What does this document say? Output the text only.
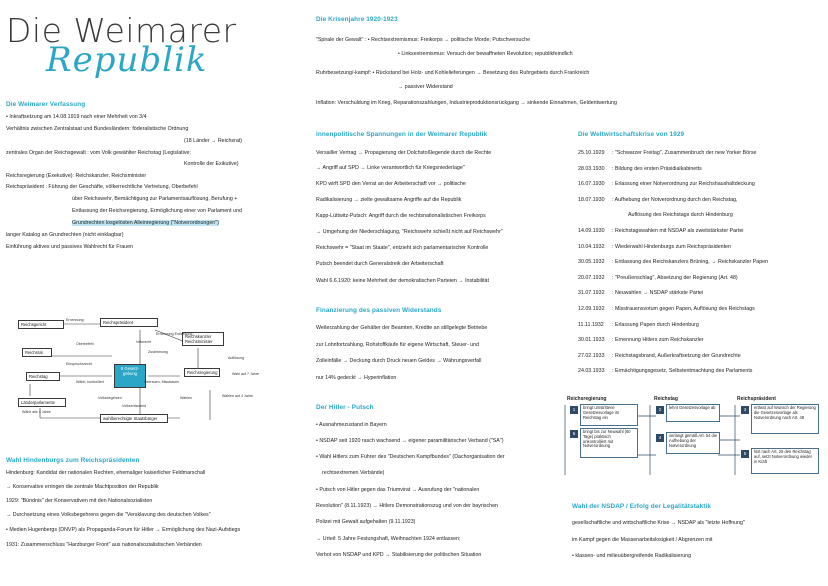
Die Weimarer
Republik
Die Weimarer Verfassung
• Inkraftsetzung am 14.08.1919 nach einer Mehrheit von 3/4
Verhältnis zwischen Zentralstaat und Bundesländern: föderalistische Ordnung
(18 Länder → Reichsrat)
zentrales Organ der Reichsgewalt : vom Volk gewählter Reichstag (Legislative;
Kontrolle der Exikutive)
Reichsregierung (Exekutive): Reichskanzler, Reichsminister
Reichspräsident : Führung der Geschäfte, völkerrechtliche Vertretung, Oberbefehl
über Reichswehr, Bemächtigung zur Parlamentsauflösung, Berufung +
Entlassung der Reichsregierung, Ermöglichung einer von Parlament und
Grundrechten losgelösten Alleinregierung ("Notverordnungen")
langer Katalog an Grundrechten (nicht einklagbar)
Einführung aktives und passives Wahlrecht für Frauen
Reichsgericht	Reichspräsident
Reichsrat
Reichskanzler Reichsminister
Reichsregierung
Reichstag
5 Gesetz-gebung
Länderparlamente
wahlberechtigte Staatsbürger
Ernennung
Oberbefehl
Ernennung Entlassung
Auflösung
Einspruchsrecht
Zustimmung
Vertrauen, Misstrauen
Wählt, kontrolliert
Vetorecht
Volksbegehren
Wahl auf 7 Jahre
Wahlen	Wahlen auf 4 Jahre
Volksentscheid
Wählt alle 4 Jahre
Wahl Hindenburgs zum Reichspräsidenten
Hindenburg: Kandidat der nationalen Rechten, ehemaliger kaiserlicher Feldmarschall
→ Konservative erringen die zentrale Machtposition der Republik
1929: "Bündnis" der Konservativen mit den Nationalsozialisten
→ Durchsetzung eines Volksbegehrens gegen die "Versklavung des deutschen Volkes"
• Medien Hugenbergs (DNVP) als Propaganda-Forum für Hitler → Ermöglichung des Nazi-Aufstiegs
1931: Zusammenschluss "Harzburger Front" aus nationalsozialistischen Verbänden
Die Krisenjahre 1920-1923
"Spirale der Gewalt" : • Rechtsextremismus: Freikorps → politische Morde; Putschversuche
• Linksextremismus: Versuch der bewaffneten Revolution; republikfeindlich
Ruhrbesetzung/-kampf: • Rückstand bei Holz- und Kohlelieferungen → Besetzung des Ruhrgebiets durch Frankreich
→ passiver Widerstand
Inflation: Verschuldung im Krieg, Reparationszahlungen, Industrieproduktionsrückgang → sinkende Einnahmen, Geldentwertung
innenpolitische Spannungen in der Weimarer Republik
Versailler Vertrag → Propagierung der Dolchstoßlegende durch die Rechte
→ Angriff auf SPD → Linke verantwortlich für Kriegsniederlage"
KPD wirft SPD den Verrat an der Arbeiterschaft vor → politische
Radikalisierung → zielte gewaltsame Angriffe auf die Republik
Kapp-Lüttwitz-Putsch: Angriff durch die rechtsnationalistischen Freikorps
→ Umgehung der Niederschlagung, "Reichswehr schießt nicht auf Reichswehr"
Reichswehr = "Staat im Staate", entzieht sich parlamentarischer Kontrolle
Putsch beendet durch Generalstreik der Arbeiterschaft
Wahl 6.6.1920: keine Mehrheit der demokratischen Parteien → Instabilität
Finanzierung des passiven Widerstands
Weiterzahlung der Gehälter der Beamten, Kredite an stillgelegte Betriebe
zur Lohnfortzahlung, Rohstoffkäufe für eigene Wirtschaft, Steuer- und
Zolleinfälle → Deckung durch Druck neuen Geldes → Währungsverfall
nur 14% gedeckt → Hyperinflation
Der Hitler - Putsch
• Ausnahmezustand in Bayern
• NSDAP seit 1920 rasch wachsend → eigener paramilitärischer Verband ("SA")
• Wahl Hitlers zum Führer des "Deutschen Kampfbundes" (Dachorganisation der
rechtsextremen Verbände)
• Putsch von Hitler gegen das Triumvirat → Ausrufung der "nationalen
Revolution" (8.11.1923) → Hitlers Demonstrationszug und von der bayrischen
Polizei mit Gewalt aufgehalten (9.11.1923)
→ Urteil: 5 Jahre Festungshaft, Weihnachten 1924 entlassen;
Verbot von NSDAP und KPD → Stabilisierung der politischen Situation
Die Weltwirtschaftskrise von 1929
25.10.1929 : "Schwarzer Freitag", Zusammenbruch der new Yorker Börse
28.03.1930 : Bildung des ersten Präsidialkabinetts
16.07.1930 : Erlassung einer Notverordnung zur Reichshaushaltdeckung
18.07.1930 : Aufhebung der Notverordnung durch den Reichstag,
Auflösung des Reichstags durch Hindenburg
14.09.1930 : Reichstagswahlen mit NSDAP als zweitstärkster Partei
10.04.1932 : Wiederwahl Hindenburgs zum Reichspräsidenten
30.05.1932 : Entlassung des Reichskanzlers Brüning, → Reichskanzler Papen
20.07.1932 : "Preußenschlag", Absetzung der Regierung (Art. 48)
31.07.1932 : Neuwahlen → NSDAP stärkste Partei
12.09.1932 : Misstrauensvotum gegen Papen, Auflösung des Reichstags
11.11.1932 : Erlassung Papen durch Hindenburg
30.01.1933 : Ernennung Hitlers zum Reichskanzler
27.02.1933 : Reichstagsbrand, Außerkraftsetzung der Grundrechte
24.03.1933 : Ermächtigungsgesetz, Selbstentmachtung des Parlaments
Reichsregierung	Reichstag	Reichspräsident
1	bringt umstrittene Gesetzesvorlage im Reichstag ein
2	lehnt Gesetzesvorlage ab	3	erlässt auf Wunsch der Regierung die Gesetzesvorlage als Notverordnung nach Art. 48
4	verlangt gemäß Art. 54 die Aufhebung der Notverordnung
5	löst nach Art. 25 den Reichstag auf, setzt Notverordnung wieder in Kraft
6	bringt bis zur Neuwahl (60 Tage) praktisch unkontrolliert mit Notverordnung
Wahl der NSDAP / Erfolg der Legalitätstaktik
gesellschaftliche und wirtschaftliche Krise → NSDAP als "letzte Hoffnung"
im Kampf gegen die Massenarbeitslosigkeit / Abgrenzen mit
• klassen- und milieuübergreifende Radikalisierung
